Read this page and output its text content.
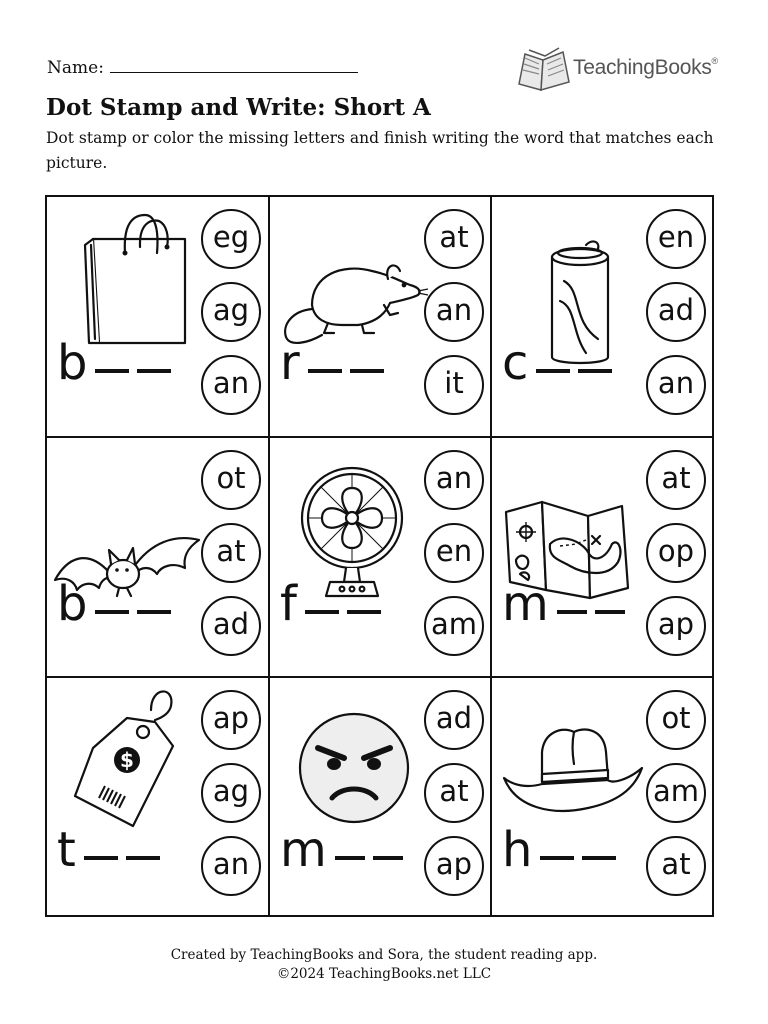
Name:	TeachingBooks®
Dot Stamp and Write: Short A
Dot stamp or color the missing letters and finish writing the word that matches each picture.
b
eg
ag
an r
at
an
it c
en
ad
an
b
ot
at
ad f
an
en
am m
at
op
ap
$
t
ap
ag
an m
ad
at
ap h
ot
am
at
Created by TeachingBooks and Sora, the student reading app.
©2024 TeachingBooks.net LLC
